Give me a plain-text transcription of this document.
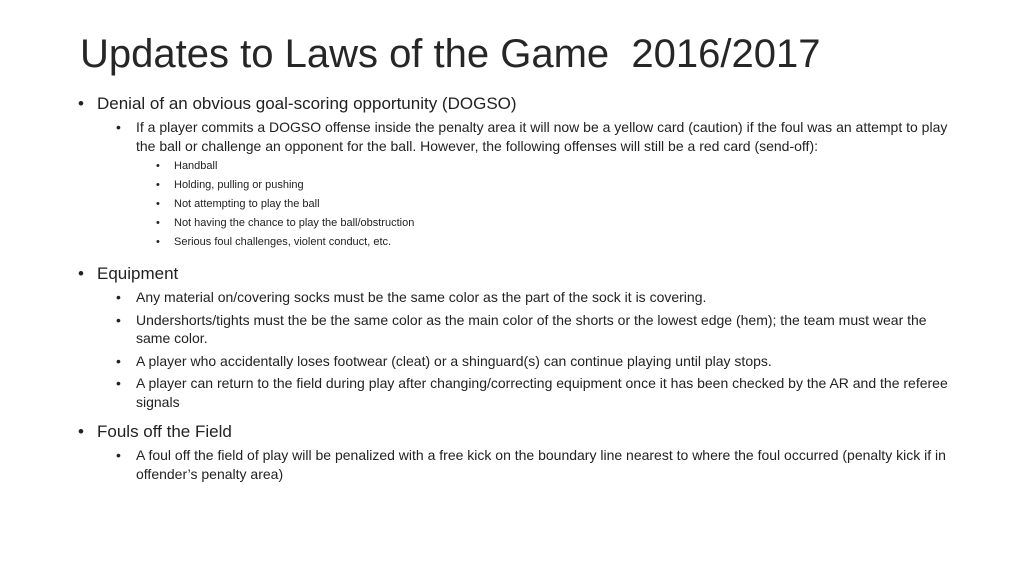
Updates to Laws of the Game  2016/2017
• Denial of an obvious goal-scoring opportunity (DOGSO)
• If a player commits a DOGSO offense inside the penalty area it will now be a yellow card (caution) if the foul was an attempt to play the ball or challenge an opponent for the ball. However, the following offenses will still be a red card (send-off):
• Handball
• Holding, pulling or pushing
• Not attempting to play the ball
• Not having the chance to play the ball/obstruction
• Serious foul challenges, violent conduct, etc.
• Equipment
• Any material on/covering socks must be the same color as the part of the sock it is covering.
• Undershorts/tights must the be the same color as the main color of the shorts or the lowest edge (hem); the team must wear the same color.
• A player who accidentally loses footwear (cleat) or a shinguard(s) can continue playing until play stops.
• A player can return to the field during play after changing/correcting equipment once it has been checked by the AR and the referee signals
• Fouls off the Field
• A foul off the field of play will be penalized with a free kick on the boundary line nearest to where the foul occurred (penalty kick if in offender’s penalty area)
